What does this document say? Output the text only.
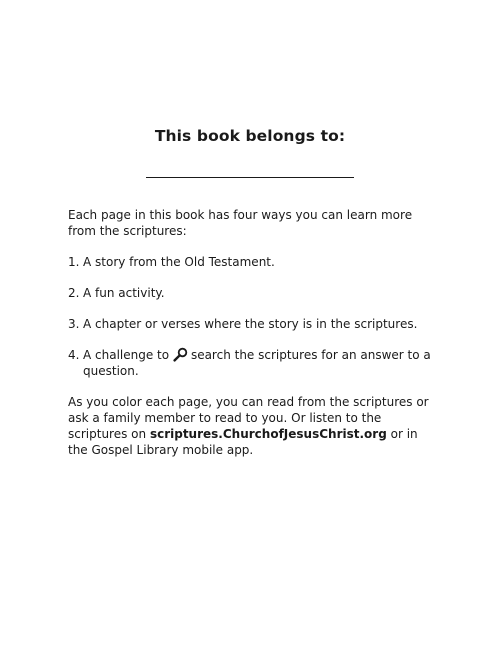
This book belongs to:

Each page in this book has four ways you can learn more from the scriptures:

1. A story from the Old Testament.
2. A fun activity.
3. A chapter or verses where the story is in the scriptures.
4. A challenge to search the scriptures for an answer to a question.

As you color each page, you can read from the scriptures or ask a family member to read to you. Or listen to the scriptures on scriptures.ChurchofJesusChrist.org or in the Gospel Library mobile app.
